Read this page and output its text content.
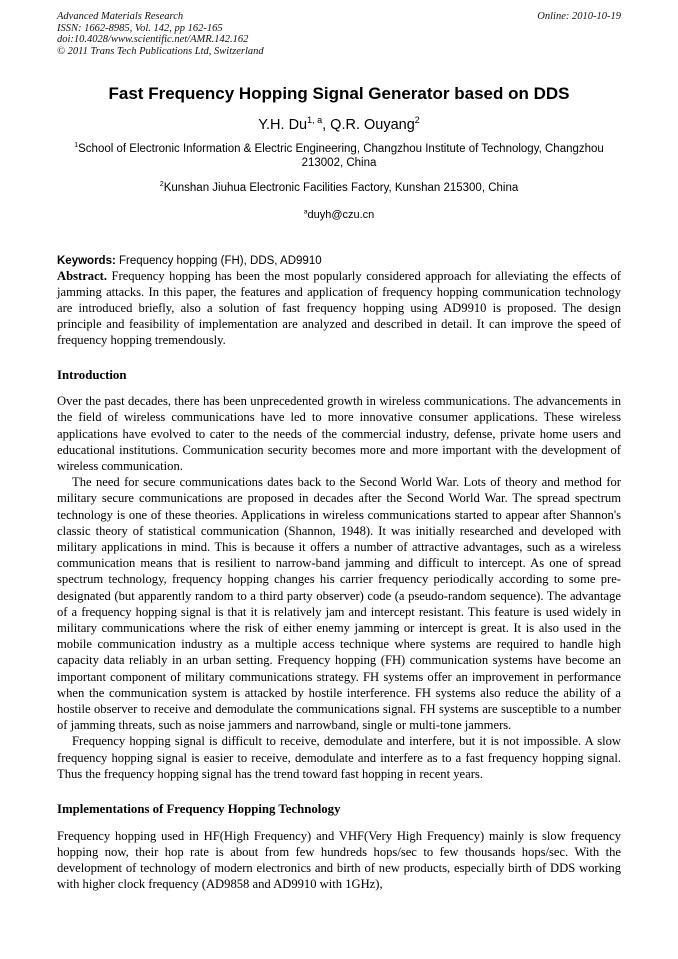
Advanced Materials Research
ISSN: 1662-8985, Vol. 142, pp 162-165
doi:10.4028/www.scientific.net/AMR.142.162
© 2011 Trans Tech Publications Ltd, Switzerland
Online: 2010-10-19
Fast Frequency Hopping Signal Generator based on DDS
Y.H. Du$^{1, a}$, Q.R. Ouyang$^2$
$^1$School of Electronic Information & Electric Engineering, Changzhou Institute of Technology, Changzhou 213002, China
$^2$Kunshan Jiuhua Electronic Facilities Factory, Kunshan 215300, China
$^a$duyh@czu.cn
Keywords: Frequency hopping (FH), DDS, AD9910

Abstract. Frequency hopping has been the most popularly considered approach for alleviating the effects of jamming attacks. In this paper, the features and application of frequency hopping communication technology are introduced briefly, also a solution of fast frequency hopping using AD9910 is proposed. The design principle and feasibility of implementation are analyzed and described in detail. It can improve the speed of frequency hopping tremendously.

Introduction

Over the past decades, there has been unprecedented growth in wireless communications. The advancements in the field of wireless communications have led to more innovative consumer applications. These wireless applications have evolved to cater to the needs of the commercial industry, defense, private home users and educational institutions. Communication security becomes more and more important with the development of wireless communication.

The need for secure communications dates back to the Second World War. Lots of theory and method for military secure communications are proposed in decades after the Second World War. The spread spectrum technology is one of these theories. Applications in wireless communications started to appear after Shannon's classic theory of statistical communication (Shannon, 1948). It was initially researched and developed with military applications in mind. This is because it offers a number of attractive advantages, such as a wireless communication means that is resilient to narrow-band jamming and difficult to intercept. As one of spread spectrum technology, frequency hopping changes his carrier frequency periodically according to some pre-designated (but apparently random to a third party observer) code (a pseudo-random sequence). The advantage of a frequency hopping signal is that it is relatively jam and intercept resistant. This feature is used widely in military communications where the risk of either enemy jamming or intercept is great. It is also used in the mobile communication industry as a multiple access technique where systems are required to handle high capacity data reliably in an urban setting. Frequency hopping (FH) communication systems have become an important component of military communications strategy. FH systems offer an improvement in performance when the communication system is attacked by hostile interference. FH systems also reduce the ability of a hostile observer to receive and demodulate the communications signal. FH systems are susceptible to a number of jamming threats, such as noise jammers and narrowband, single or multi-tone jammers.

Frequency hopping signal is difficult to receive, demodulate and interfere, but it is not impossible. A slow frequency hopping signal is easier to receive, demodulate and interfere as to a fast frequency hopping signal. Thus the frequency hopping signal has the trend toward fast hopping in recent years.

Implementations of Frequency Hopping Technology

Frequency hopping used in HF(High Frequency) and VHF(Very High Frequency) mainly is slow frequency hopping now, their hop rate is about from few hundreds hops/sec to few thousands hops/sec. With the development of technology of modern electronics and birth of new products, especially birth of DDS working with higher clock frequency (AD9858 and AD9910 with 1GHz),
